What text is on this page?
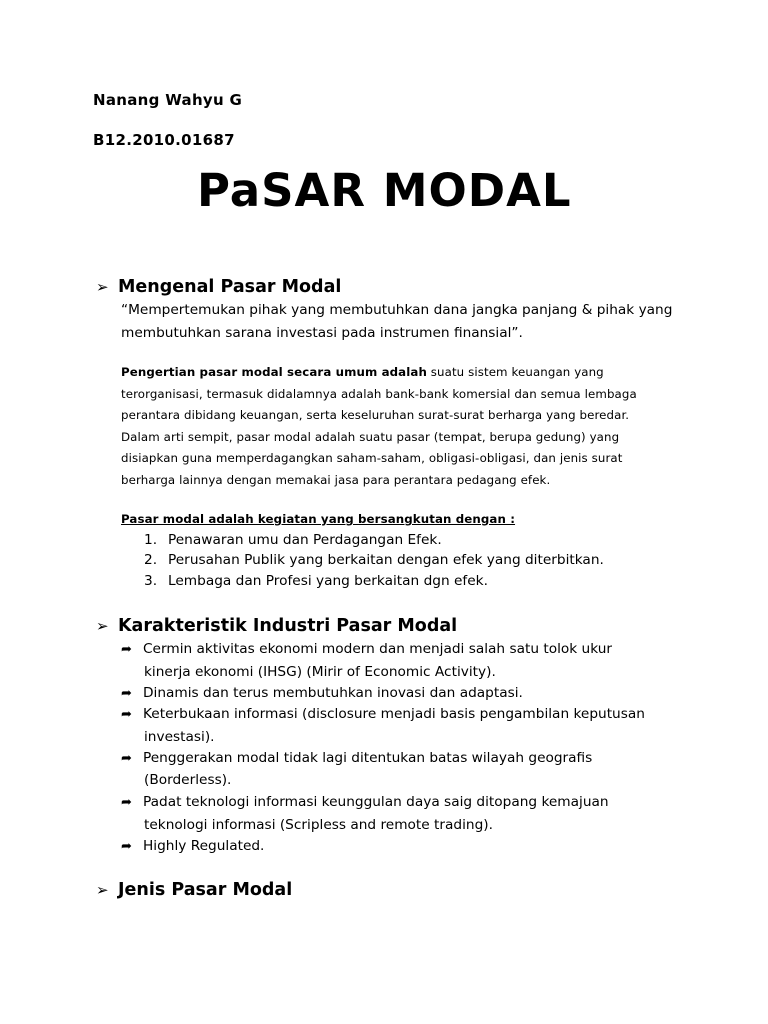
Nanang Wahyu G
B12.2010.01687
PaSAR MODAL
➢ Mengenal Pasar Modal
“Mempertemukan pihak yang membutuhkan dana jangka panjang & pihak yang
membutuhkan sarana investasi pada instrumen finansial”.
Pengertian pasar modal secara umum adalah suatu sistem keuangan yang
terorganisasi, termasuk didalamnya adalah bank-bank komersial dan semua lembaga
perantara dibidang keuangan, serta keseluruhan surat-surat berharga yang beredar.
Dalam arti sempit, pasar modal adalah suatu pasar (tempat, berupa gedung) yang
disiapkan guna memperdagangkan saham-saham, obligasi-obligasi, dan jenis surat
berharga lainnya dengan memakai jasa para perantara pedagang efek.
Pasar modal adalah kegiatan yang bersangkutan dengan :
1. Penawaran umu dan Perdagangan Efek.
2. Perusahan Publik yang berkaitan dengan efek yang diterbitkan.
3. Lembaga dan Profesi yang berkaitan dgn efek.
➢ Karakteristik Industri Pasar Modal
➦ Cermin aktivitas ekonomi modern dan menjadi salah satu tolok ukur
kinerja ekonomi (IHSG) (Mirir of Economic Activity).
➦ Dinamis dan terus membutuhkan inovasi dan adaptasi.
➦ Keterbukaan informasi (disclosure menjadi basis pengambilan keputusan
investasi).
➦ Penggerakan modal tidak lagi ditentukan batas wilayah geografis
(Borderless).
➦ Padat teknologi informasi keunggulan daya saig ditopang kemajuan
teknologi informasi (Scripless and remote trading).
➦ Highly Regulated.
➢ Jenis Pasar Modal
